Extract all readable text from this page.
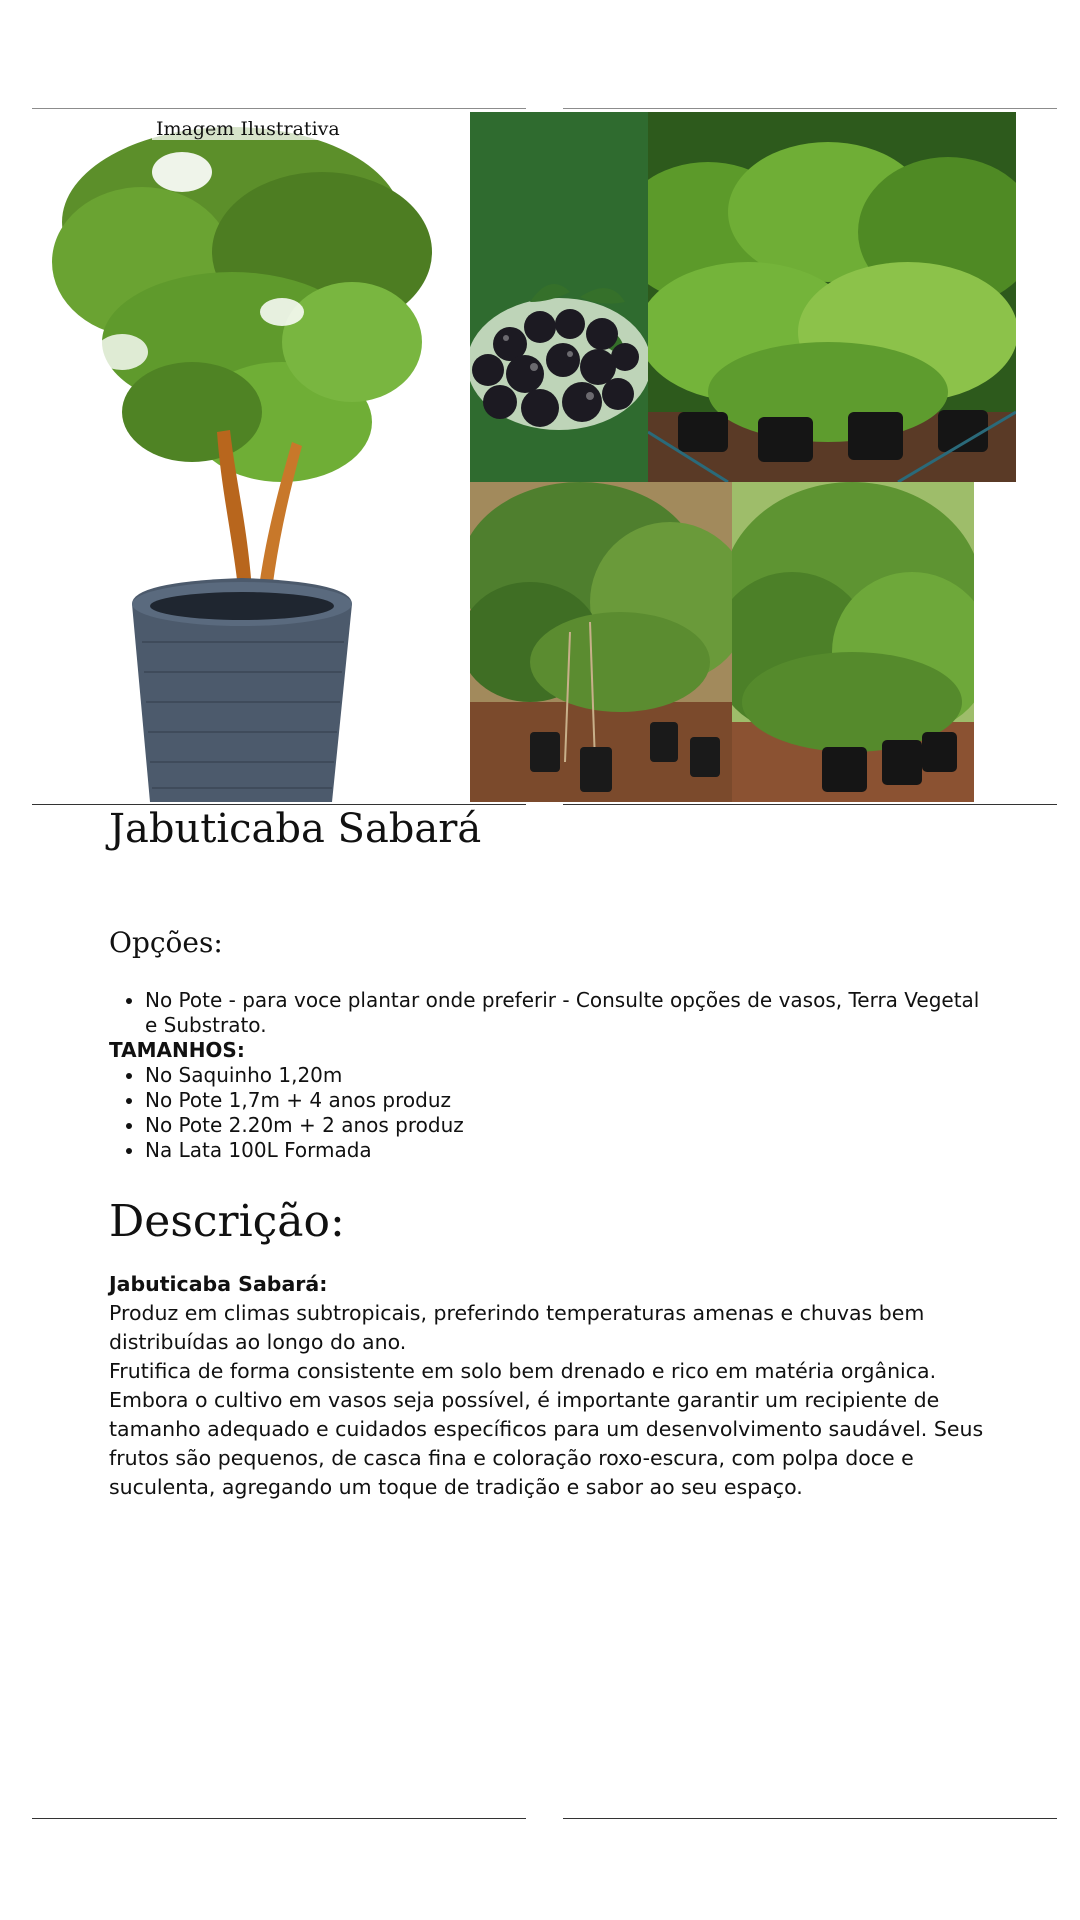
Imagem Ilustrativa
Jabuticaba Sabará
Opções:
• No Pote - para voce plantar onde preferir - Consulte opções de vasos, Terra Vegetal e Substrato.
TAMANHOS:
• No Saquinho 1,20m
• No Pote 1,7m + 4 anos produz
• No Pote 2.20m + 2 anos produz
• Na Lata 100L Formada
Descrição:

Jabuticaba Sabará:

Produz em climas subtropicais, preferindo temperaturas amenas e chuvas bem distribuídas ao longo do ano.

Frutifica de forma consistente em solo bem drenado e rico em matéria orgânica. Embora o cultivo em vasos seja possível, é importante garantir um recipiente de tamanho adequado e cuidados específicos para um desenvolvimento saudável. Seus frutos são pequenos, de casca fina e coloração roxo-escura, com polpa doce e suculenta, agregando um toque de tradição e sabor ao seu espaço.
